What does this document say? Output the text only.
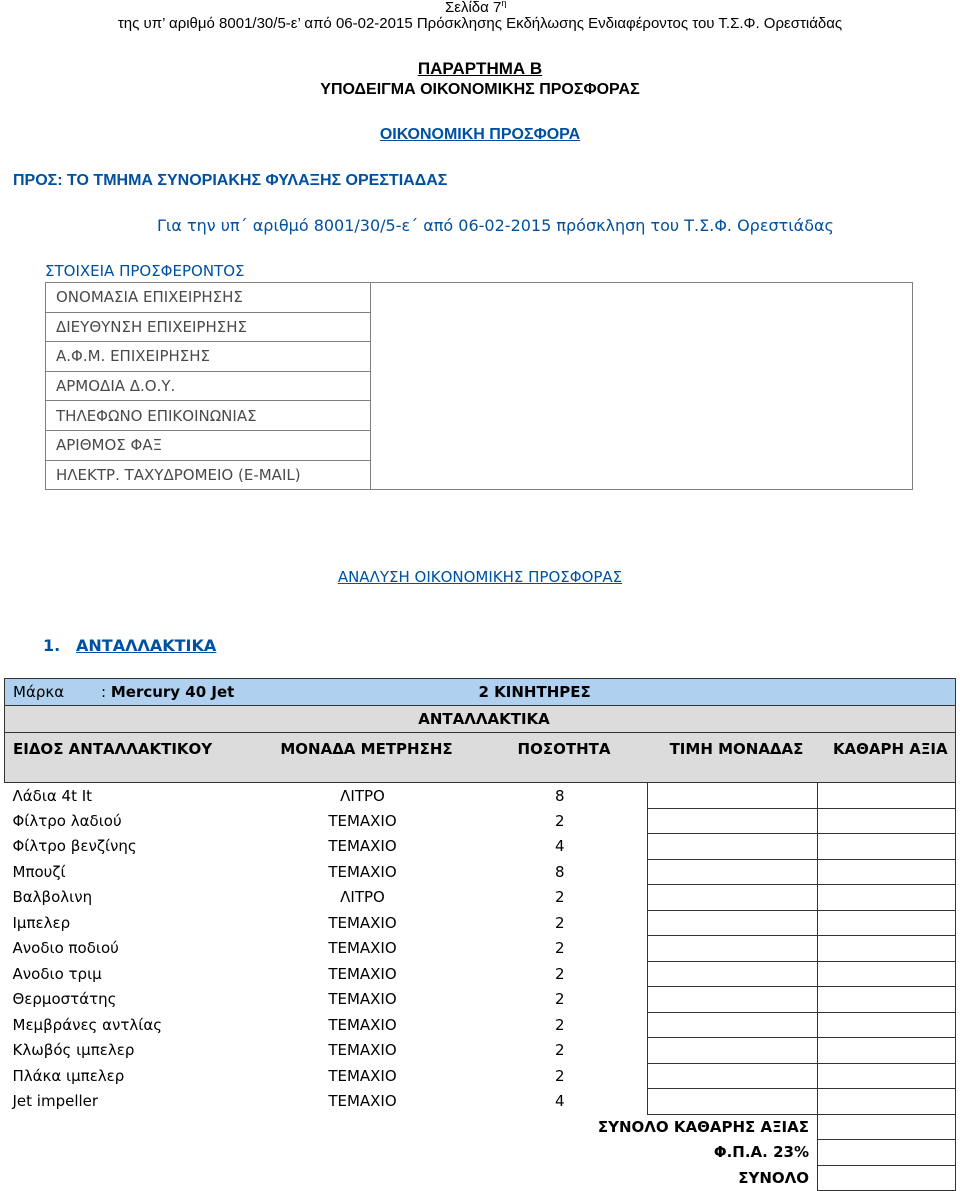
Σελίδα $7^\eta$
της υπ’ αριθμό 8001/30/5-ε’ από 06-02-2015 Πρόσκλησης Εκδήλωσης Ενδιαφέροντος του Τ.Σ.Φ. Ορεστιάδας
ΠΑΡΑΡΤΗΜΑ Β
ΥΠΟΔΕΙΓΜΑ ΟΙΚΟΝΟΜΙΚΗΣ ΠΡΟΣΦΟΡΑΣ
ΟΙΚΟΝΟΜΙΚΗ ΠΡΟΣΦΟΡΑ
ΠΡΟΣ: ΤΟ ΤΜΗΜΑ ΣΥΝΟΡΙΑΚΗΣ ΦΥΛΑΞΗΣ ΟΡΕΣΤΙΑΔΑΣ
Για την υπ΄ αριθμό 8001/30/5-ε΄ από 06-02-2015 πρόσκληση του Τ.Σ.Φ. Ορεστιάδας
ΣΤΟΙΧΕΙΑ ΠΡΟΣΦΕΡΟΝΤΟΣ
ΟΝΟΜΑΣΙΑ ΕΠΙΧΕΙΡΗΣΗΣ	
ΔΙΕΥΘΥΝΣΗ ΕΠΙΧΕΙΡΗΣΗΣ
Α.Φ.Μ. ΕΠΙΧΕΙΡΗΣΗΣ
ΑΡΜΟΔΙΑ Δ.Ο.Υ.
ΤΗΛΕΦΩΝΟ ΕΠΙΚΟΙΝΩΝΙΑΣ
ΑΡΙΘΜΟΣ ΦΑΞ
ΗΛΕΚΤΡ. ΤΑΧΥΔΡΟΜΕΙΟ (E-MAIL)
ΑΝΑΛΥΣΗ ΟΙΚΟΝΟΜΙΚΗΣ ΠΡΟΣΦΟΡΑΣ
1. ΑΝΤΑΛΛΑΚΤΙΚΑ
Μάρκα : Mercury 40 Jet 2 ΚΙΝΗΤΗΡΕΣ				

ΑΝΤΑΛΛΑΚΤΙΚΑ				
ΕΙΔΟΣ ΑΝΤΑΛΛΑΚΤΙΚΟΥ	ΜΟΝΑΔΑ ΜΕΤΡΗΣΗΣ	ΠΟΣΟΤΗΤΑ	ΤΙΜΗ ΜΟΝΑΔΑΣ	ΚΑΘΑΡΗ ΑΞΙΑ
Λάδια 4t It	ΛΙΤΡΟ	8		
Φίλτρο λαδιού	ΤΕΜΑΧΙΟ	2		
Φίλτρο βενζίνης	ΤΕΜΑΧΙΟ	4		
Μπουζί	ΤΕΜΑΧΙΟ	8		
Βαλβολινη	ΛΙΤΡΟ	2		
Ιμπελερ	ΤΕΜΑΧΙΟ	2		
Ανοδιο ποδιού	ΤΕΜΑΧΙΟ	2		
Ανοδιο τριμ	ΤΕΜΑΧΙΟ	2		
Θερμοστάτης	ΤΕΜΑΧΙΟ	2		
Μεμβράνες αντλίας	ΤΕΜΑΧΙΟ	2		
Κλωβός ιμπελερ	ΤΕΜΑΧΙΟ	2		
Πλάκα ιμπελερ	ΤΕΜΑΧΙΟ	2		
Jet impeller	ΤΕΜΑΧΙΟ	4		
ΣΥΝΟΛΟ ΚΑΘΑΡΗΣ ΑΞΙΑΣ				
Φ.Π.Α. 23%				
ΣΥΝΟΛΟ				
